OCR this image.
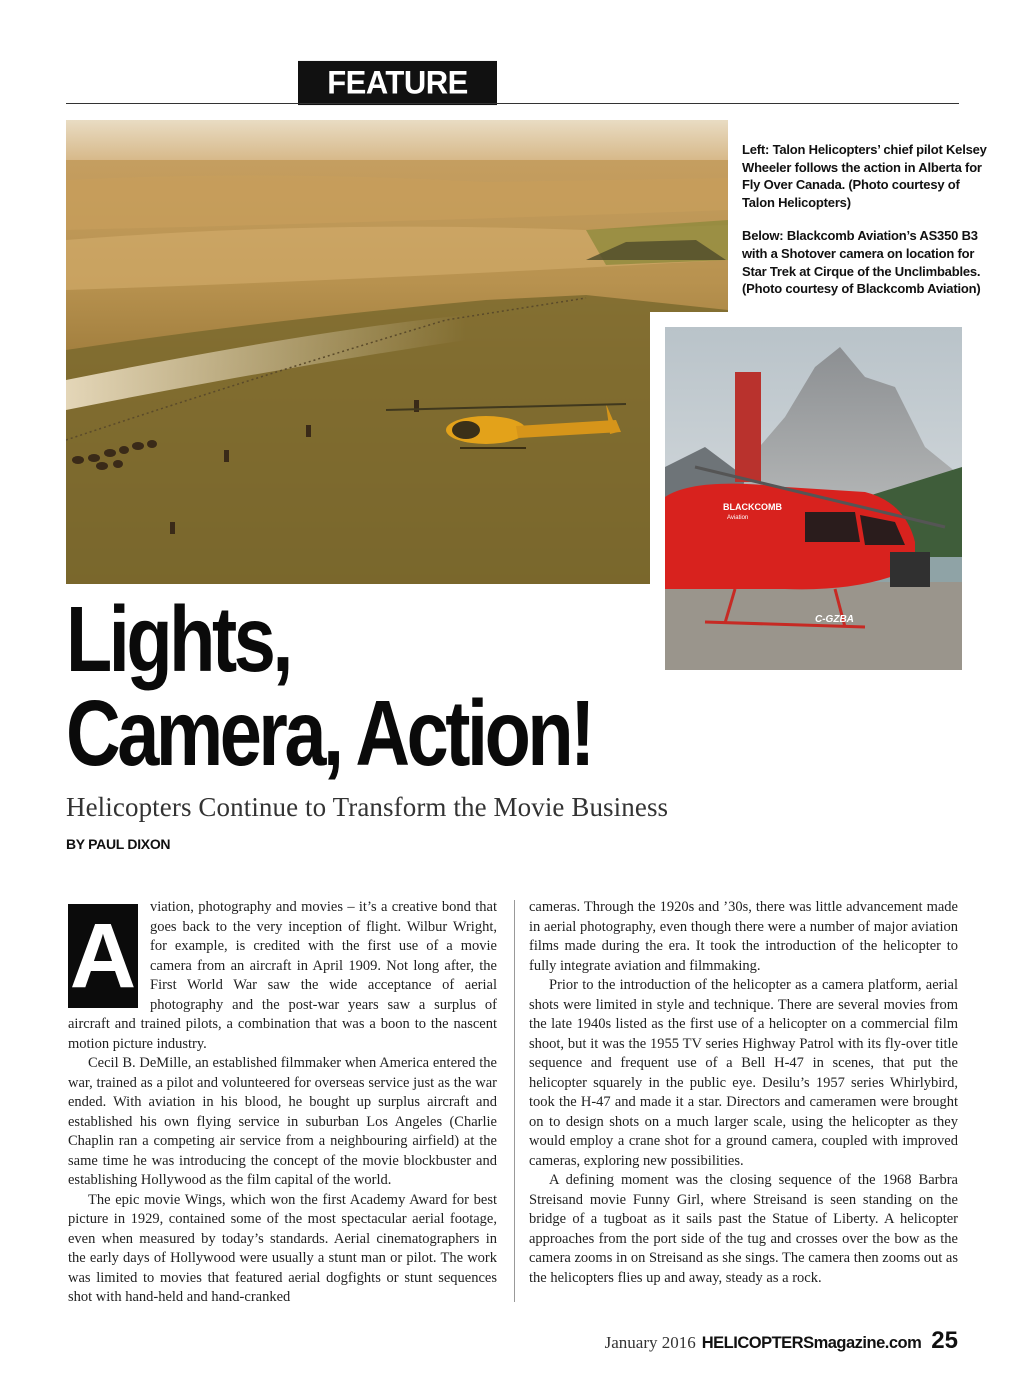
FEATURE

Left: Talon Helicopters’ chief pilot Kelsey Wheeler follows the action in Alberta for Fly Over Canada. (Photo courtesy of Talon Helicopters)

Below: Blackcomb Aviation’s AS350 B3 with a Shotover camera on location for Star Trek at Cirque of the Unclimbables. (Photo courtesy of Blackcomb Aviation)

BLACKCOMB
Aviation
C-GZBA
Lights,
Camera, Action!
Helicopters Continue to Transform the Movie Business
BY PAUL DIXON
A viation, photography and movies – it’s a creative bond that goes back to the very inception of flight. Wilbur Wright, for example, is credited with the first use of a movie camera from an aircraft in April 1909. Not long after, the First World War saw the wide acceptance of aerial photography and the post-war years saw a surplus of aircraft and trained pilots, a combination that was a boon to the nascent motion picture industry.

Cecil B. DeMille, an established filmmaker when America entered the war, trained as a pilot and volunteered for overseas service just as the war ended. With aviation in his blood, he bought up surplus aircraft and established his own flying service in suburban Los Angeles (Charlie Chaplin ran a competing air service from a neighbouring airfield) at the same time he was introducing the concept of the movie blockbuster and establishing Hollywood as the film capital of the world.

The epic movie Wings, which won the first Academy Award for best picture in 1929, contained some of the most spectacular aerial footage, even when measured by today’s standards. Aerial cinematographers in the early days of Hollywood were usually a stunt man or pilot. The work was limited to movies that featured aerial dogfights or stunt sequences shot with hand-held and hand-cranked

cameras. Through the 1920s and ’30s, there was little advancement made in aerial photography, even though there were a number of major aviation films made during the era. It took the introduction of the helicopter to fully integrate aviation and filmmaking.

Prior to the introduction of the helicopter as a camera platform, aerial shots were limited in style and technique. There are several movies from the late 1940s listed as the first use of a helicopter on a commercial film shoot, but it was the 1955 TV series Highway Patrol with its fly-over title sequence and frequent use of a Bell H-47 in scenes, that put the helicopter squarely in the public eye. Desilu’s 1957 series Whirlybird, took the H-47 and made it a star. Directors and cameramen were brought on to design shots on a much larger scale, using the helicopter as they would employ a crane shot for a ground camera, coupled with improved cameras, exploring new possibilities.

A defining moment was the closing sequence of the 1968 Barbra Streisand movie Funny Girl, where Streisand is seen standing on the bridge of a tugboat as it sails past the Statue of Liberty. A helicopter approaches from the port side of the tug and crosses over the bow as the camera zooms in on Streisand as she sings. The camera then zooms out as the helicopters flies up and away, steady as a rock.

January 2016 HELICOPTERSmagazine.com 25
